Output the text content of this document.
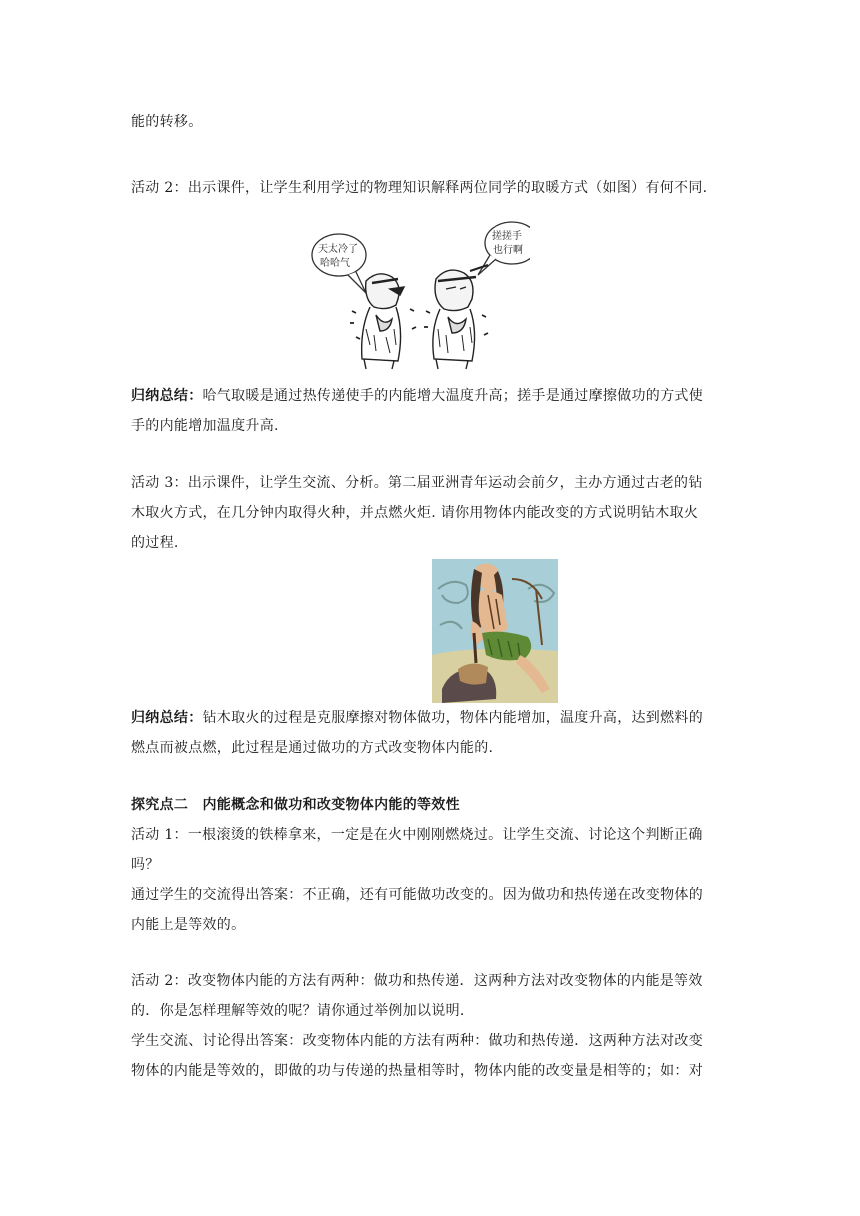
能的转移。

活动 2：出示课件，让学生利用学过的物理知识解释两位同学的取暖方式（如图）有何不同.

天太冷了
哈哈气
搓搓手
也行啊

归纳总结：哈气取暖是通过热传递使手的内能增大温度升高；搓手是通过摩擦做功的方式使
手的内能增加温度升高.

活动 3：出示课件，让学生交流、分析。第二届亚洲青年运动会前夕，主办方通过古老的钻
木取火方式，在几分钟内取得火种，并点燃火炬. 请你用物体内能改变的方式说明钻木取火
的过程.

归纳总结：钻木取火的过程是克服摩擦对物体做功，物体内能增加，温度升高，达到燃料的
燃点而被点燃，此过程是通过做功的方式改变物体内能的.

探究点二　内能概念和做功和改变物体内能的等效性
活动 1：一根滚烫的铁棒拿来，一定是在火中刚刚燃烧过。让学生交流、讨论这个判断正确
吗？
通过学生的交流得出答案：不正确，还有可能做功改变的。因为做功和热传递在改变物体的
内能上是等效的。

活动 2：改变物体内能的方法有两种：做功和热传递．这两种方法对改变物体的内能是等效
的．你是怎样理解等效的呢？请你通过举例加以说明.
学生交流、讨论得出答案：改变物体内能的方法有两种：做功和热传递．这两种方法对改变
物体的内能是等效的，即做的功与传递的热量相等时，物体内能的改变量是相等的；如：对
